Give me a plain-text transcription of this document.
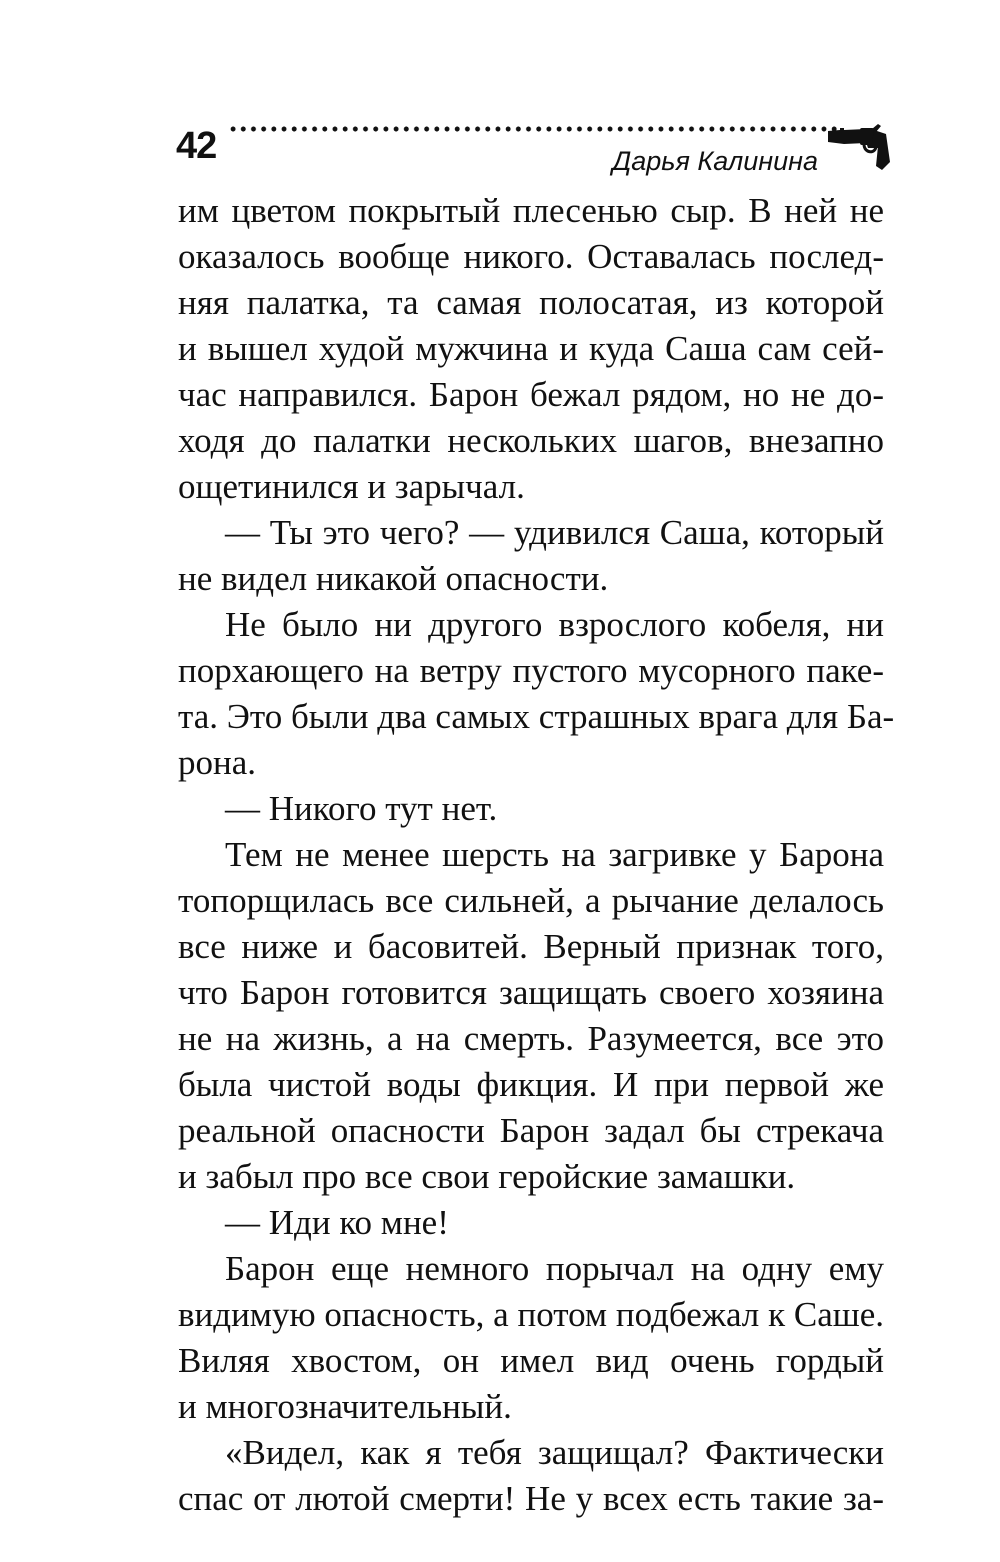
42	Дарья Калинина
им цветом покрытый плесенью сыр. В ней не
оказалось вообще никого. Оставалась послед-
няя палатка, та самая полосатая, из которой
и вышел худой мужчина и куда Саша сам сей-
час направился. Барон бежал рядом, но не до-
ходя до палатки нескольких шагов, внезапно
ощетинился и зарычал.
— Ты это чего? — удивился Саша, который
не видел никакой опасности.
Не было ни другого взрослого кобеля, ни
порхающего на ветру пустого мусорного паке-
та. Это были два самых страшных врага для Ба-
рона.
— Никого тут нет.
Тем не менее шерсть на загривке у Барона
топорщилась все сильней, а рычание делалось
все ниже и басовитей. Верный признак того,
что Барон готовится защищать своего хозяина
не на жизнь, а на смерть. Разумеется, все это
была чистой воды фикция. И при первой же
реальной опасности Барон задал бы стрекача
и забыл про все свои геройские замашки.
— Иди ко мне!
Барон еще немного порычал на одну ему
видимую опасность, а потом подбежал к Саше.
Виляя хвостом, он имел вид очень гордый
и многозначительный.
«Видел, как я тебя защищал? Фактически
спас от лютой смерти! Не у всех есть такие за-
